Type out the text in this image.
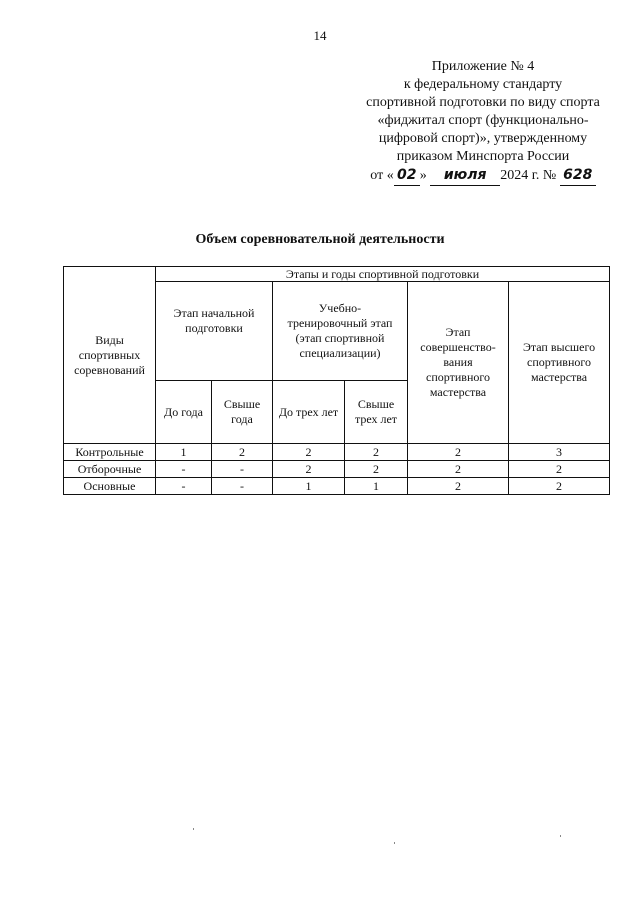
14
Приложение № 4
к федеральному стандарту
спортивной подготовки по виду спорта
«фиджитал спорт (функционально-
цифровой спорт)», утвержденному
приказом Минспорта России
от « 02 » июля 2024 г. № 628
Объем соревновательной деятельности
Виды спортивных соревнований	Этапы и годы спортивной подготовки					
	Этап начальной подготовки		Учебно-тренировочный этап (этап спортивной специализации)		Этап совершенство-вания спортивного мастерства	Этап высшего спортивного мастерства
	До года	Свыше года	До трех лет	Свыше трех лет		
Контрольные	1	2	2	2	2	3
Отборочные	-	-	2	2	2	2
Основные	-	-	1	1	2	2
